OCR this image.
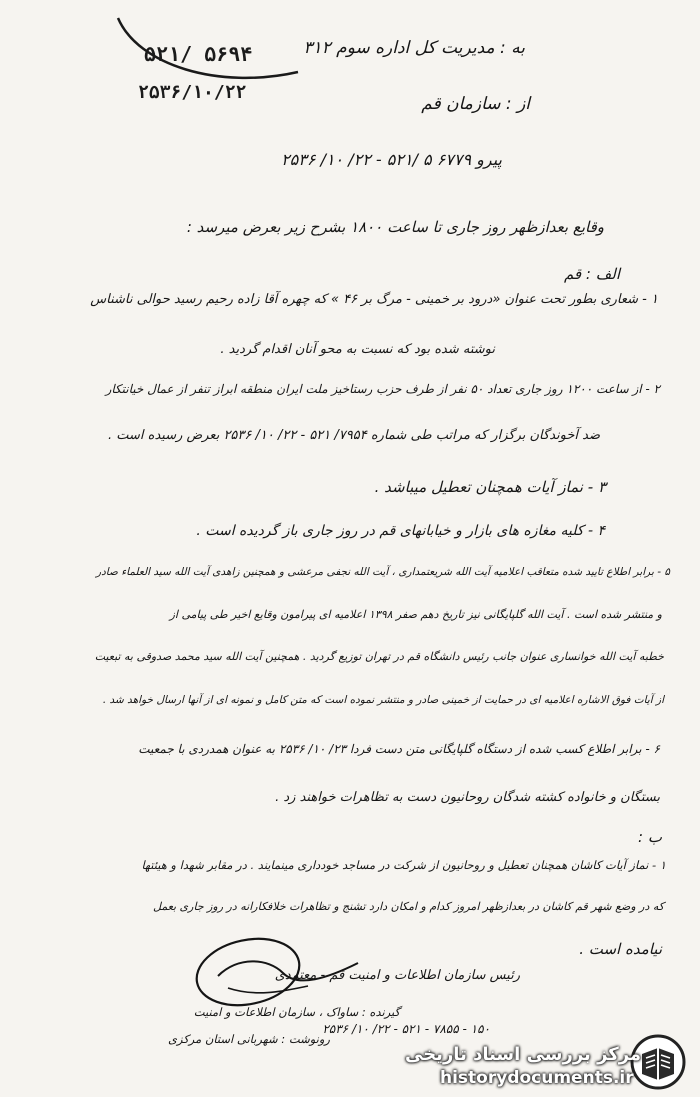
۵۲۱/ ۵۶۹۴
۲۵۳۶/۱۰/۲۲
به : مدیریت کل اداره سوم ۳۱۲
از : سازمان قم
پیرو ۶۷۷۹ ۵ /۵۲۱ - ۲۲/ ۱۰/ ۲۵۳۶
وقایع بعدازظهر روز جاری تا ساعت ۱۸۰۰ بشرح زیر بعرض میرسد :
الف : قم
۱ - شعاری بطور تحت عنوان «درود بر خمینی - مرگ بر ۴۶ » که چهره آقا زاده رحیم رسید حوالی ناشناس
نوشته شده بود که نسبت به محو آنان اقدام گردید .
۲ - از ساعت ۱۲۰۰ روز جاری تعداد ۵۰ نفر از طرف حزب رستاخیز ملت ایران منطقه ابراز تنفر از عمال خیانتکار
ضد آخوندگان برگزار که مراتب طی شماره ۷۹۵۴/ ۵۲۱ - ۲۲/ ۱۰/ ۲۵۳۶ بعرض رسیده است .
۳ - نماز آیات همچنان تعطیل میباشد .
۴ - کلیه مغازه های بازار و خیابانهای قم در روز جاری باز گردیده است .
۵ - برابر اطلاع تایید شده متعاقب اعلامیه آیت الله شریعتمداری ، آیت الله نجفی مرعشی و همچنین زاهدی آیت الله سید العلماء صادر
و منتشر شده است . آیت الله گلپایگانی نیز تاریخ دهم صفر ۱۳۹۸ اعلامیه ای پیرامون وقایع اخیر طی پیامی از
خطبه آیت الله خوانساری عنوان جانب رئیس دانشگاه قم در تهران توزیع گردید . همچنین آیت الله سید محمد صدوقی به تبعیت
از آیات فوق الاشاره اعلامیه ای در حمایت از خمینی صادر و منتشر نموده است که متن کامل و نمونه ای از آنها ارسال خواهد شد .
۶ - برابر اطلاع کسب شده از دستگاه گلپایگانی متن دست فردا ۲۳/ ۱۰/ ۲۵۳۶ به عنوان همدردی با جمعیت
بستگان و خانواده کشته شدگان روحانیون دست به تظاهرات خواهند زد .
ب :
۱ - نماز آیات کاشان همچنان تعطیل و روحانیون از شرکت در مساجد خودداری مینمایند . در مقابر شهدا و هیئتها
که در وضع شهر قم کاشان در بعدازظهر امروز کدام و امکان دارد تشنج و تظاهرات خلافکارانه در روز جاری بعمل
نیامده است .
رئیس سازمان اطلاعات و امنیت قم - معتمدی
گیرنده : ساواک ، سازمان اطلاعات و امنیت
رونوشت : شهربانی استان مرکزی
۱۵۰ - ۷۸۵۵ - ۵۲۱ - ۲۲/ ۱۰/ ۲۵۳۶
مرکز بررسی اسناد تاریخی
historydocuments.ir
